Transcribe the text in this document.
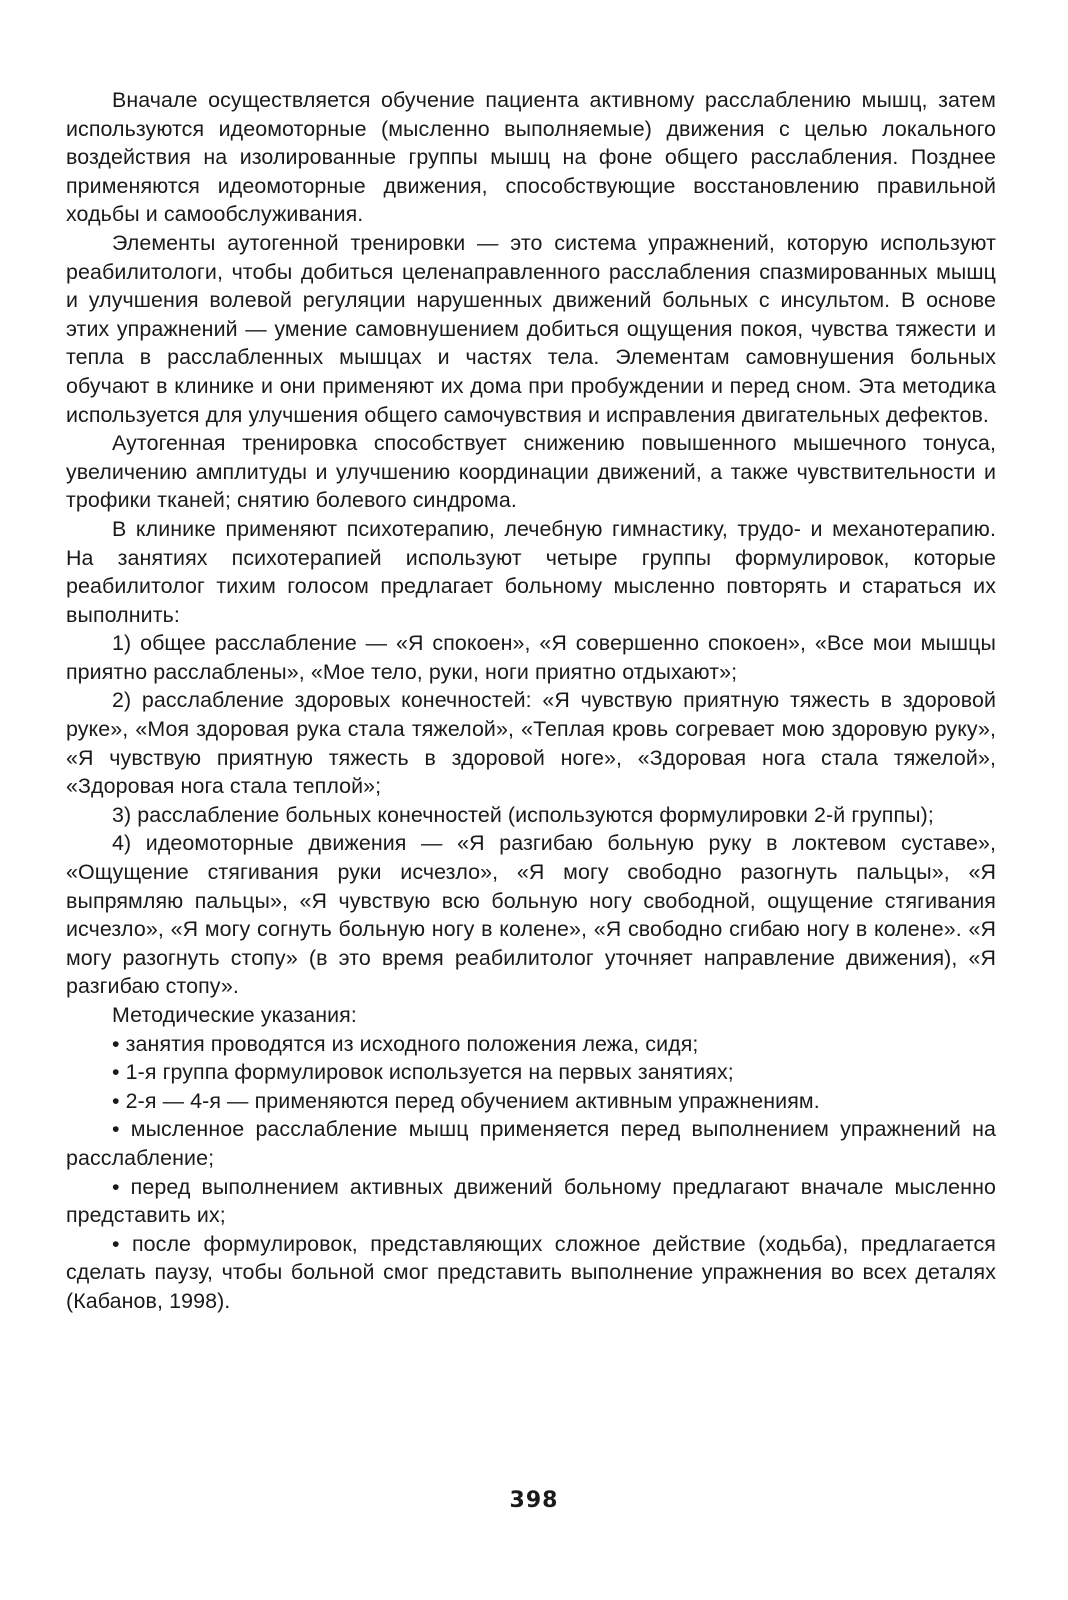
Вначале осуществляется обучение пациента активному расслаблению мышц, затем используются идеомоторные (мысленно выполняемые) движения с целью локального воздействия на изолированные группы мышц на фоне общего расслабления. Позднее применяются идеомоторные движения, способствующие восстановлению правильной ходьбы и самообслуживания.

Элементы аутогенной тренировки — это система упражнений, которую используют реабилитологи, чтобы добиться целенаправленного расслабления спазмированных мышц и улучшения волевой регуляции нарушенных движений больных с инсультом. В основе этих упражнений — умение самовнушением добиться ощущения покоя, чувства тяжести и тепла в расслабленных мышцах и частях тела. Элементам самовнушения больных обучают в клинике и они применяют их дома при пробуждении и перед сном. Эта методика используется для улучшения общего самочувствия и исправления двигательных дефектов.

Аутогенная тренировка способствует снижению повышенного мышечного тонуса, увеличению амплитуды и улучшению координации движений, а также чувствительности и трофики тканей; снятию болевого синдрома.

В клинике применяют психотерапию, лечебную гимнастику, трудо- и механотерапию. На занятиях психотерапией используют четыре группы формулировок, которые реабилитолог тихим голосом предлагает больному мысленно повторять и стараться их выполнить:

1) общее расслабление — «Я спокоен», «Я совершенно спокоен», «Все мои мышцы приятно расслаблены», «Мое тело, руки, ноги приятно отдыхают»;

2) расслабление здоровых конечностей: «Я чувствую приятную тяжесть в здоровой руке», «Моя здоровая рука стала тяжелой», «Теплая кровь согревает мою здоровую руку», «Я чувствую приятную тяжесть в здоровой ноге», «Здоровая нога стала тяжелой», «Здоровая нога стала теплой»;

3) расслабление больных конечностей (используются формулировки 2-й группы);

4) идеомоторные движения — «Я разгибаю больную руку в локтевом суставе», «Ощущение стягивания руки исчезло», «Я могу свободно разогнуть пальцы», «Я выпрямляю пальцы», «Я чувствую всю больную ногу свободной, ощущение стягивания исчезло», «Я могу согнуть больную ногу в колене», «Я свободно сгибаю ногу в колене». «Я могу разогнуть стопу» (в это время реабилитолог уточняет направление движения), «Я разгибаю стопу».

Методические указания:

• занятия проводятся из исходного положения лежа, сидя;

• 1-я группа формулировок используется на первых занятиях;

• 2-я — 4-я — применяются перед обучением активным упражнениям.

• мысленное расслабление мышц применяется перед выполнением упражнений на расслабление;

• перед выполнением активных движений больному предлагают вначале мысленно представить их;

• после формулировок, представляющих сложное действие (ходьба), предлагается сделать паузу, чтобы больной смог представить выполнение упражнения во всех деталях (Кабанов, 1998).

398
